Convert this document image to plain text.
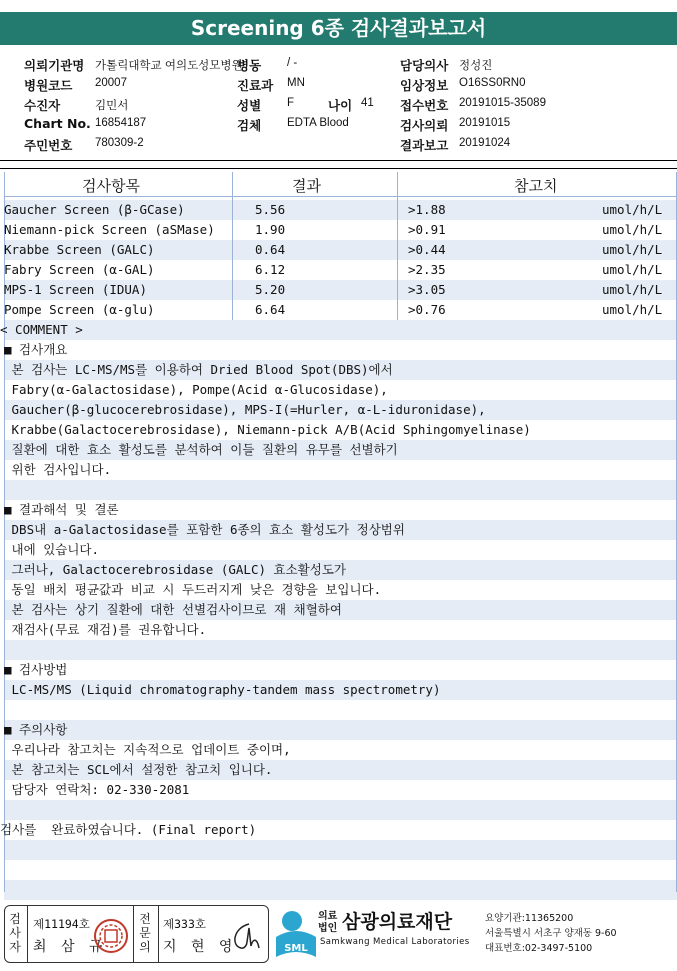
Screening 6종 검사결과보고서
의뢰기관명 가톨릭대학교 여의도성모병원
병동 / -	담당의사 정성진
병원코드 20007	진료과 MN	임상정보 O16SS0RN0
수진자	김민서	성별 F	나이 41 접수번호 20191015-35089
Chart No. 16854187	검체 EDTA Blood	검사의뢰 20191015
주민번호 780309-2	결과보고 20191024
검사항목	결과	참고치
Gaucher Screen (β-GCase)	5.56	>1.88	umol/h/L
Niemann-pick Screen (aSMase)	1.90	>0.91	umol/h/L
Krabbe Screen (GALC)	0.64	>0.44	umol/h/L
Fabry Screen (α-GAL)	6.12	>2.35	umol/h/L
MPS-1 Screen (IDUA)	5.20	>3.05	umol/h/L
Pompe Screen (α-glu)	6.64	>0.76	umol/h/L
< COMMENT >
■ 검사개요
본 검사는 LC-MS/MS를 이용하여 Dried Blood Spot(DBS)에서
Fabry(α-Galactosidase), Pompe(Acid α-Glucosidase),
Gaucher(β-glucocerebrosidase), MPS-I(=Hurler, α-L-iduronidase),
Krabbe(Galactocerebrosidase), Niemann-pick A/B(Acid Sphingomyelinase)
질환에 대한 효소 활성도를 분석하여 이들 질환의 유무를 선별하기
위한 검사입니다.
■ 결과해석 및 결론
DBS내 a-Galactosidase를 포함한 6종의 효소 활성도가 정상범위
내에 있습니다.
그러나, Galactocerebrosidase (GALC) 효소활성도가
동일 배치 평균값과 비교 시 두드러지게 낮은 경향을 보입니다.
본 검사는 상기 질환에 대한 선별검사이므로 재 채혈하여
재검사(무료 재검)를 권유합니다.
■ 검사방법
LC-MS/MS (Liquid chromatography-tandem mass spectrometry)
■ 주의사항
우리나라 참고치는 지속적으로 업데이트 중이며,
본 참고치는 SCL에서 설정한 참고치 입니다.
담당자 연락처: 02-330-2081
검사를  완료하였습니다. (Final report)
검사자
제11194호
최 삼 규
전문의
제333호
지 현 영	SML
의료법인 삼광의료재단
Samkwang Medical Laboratories
요양기관:11365200
서울특별시 서초구 양재동 9-60
대표번호:02-3497-5100
